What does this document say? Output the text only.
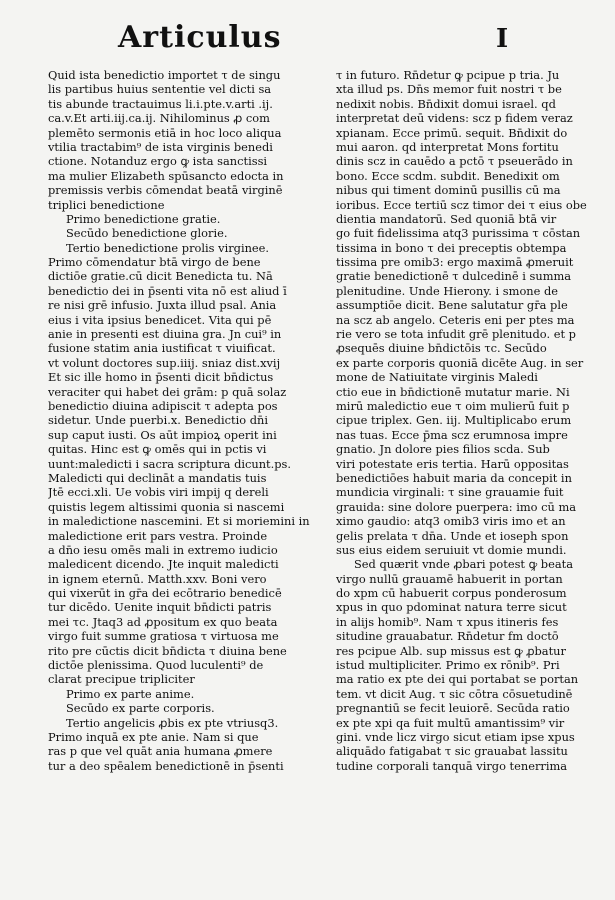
Articulus	I
Quid ista benedictio importet τ de singu
lis partibus huius sententie vel dicti sa
tis abunde tractauimus li.i.pte.v.arti .ij.
ca.v.Et arti.iij.ca.ij. Nihilominus ꝓ com
plemēto sermonis etiā in hoc loco aliqua
vtilia tractabim⁹ de ista virginis benedi
ctione. Notanduz ergo ꝙ ista sanctissi
ma mulier Elizabeth spūsancto edocta in
premissis verbis cōmendat beatā virginē
triplici benedictione
Primo benedictione gratie.
Secūdo benedictione glorie.
Tertio benedictione prolis virginee.
Primo cōmendatur btā virgo de bene
dictiōe gratie.cū dicit Benedicta tu. Nā
benedictio dei in p̄senti vita nō est aliud ī
re nisi grē infusio. Juxta illud psal. Ania
eius i vita ipsius benedicet. Vita qui pē
anie in presenti est diuina gra. Jn cui⁹ in
fusione statim ania iustificat τ viuificat.
vt volunt doctores sup.iiij. sniaz dist.xvij
Et sic ille homo in p̄senti dicit bn̄dictus
veraciter qui habet dei grām: p quā solaz
benedictio diuina adipiscit τ adepta pos
sidetur. Unde puerbi.x. Benedictio dn̄i
sup caput iusti. Os aūt impioꝝ operit ini
quitas. Hinc est ꝙ omēs qui in pctis vi
uunt:maledicti i sacra scriptura dicunt.ps.
Maledicti qui declināt a mandatis tuis
Jtē ecci.xli. Ue vobis viri impij q dereli
quistis legem altissimi quonia si nascemi
in maledictione nascemini. Et si moriemini in
maledictione erit pars vestra. Proinde
a dn̄o iesu omēs mali in extremo iudicio
maledicent dicendo. Jte inquit maledicti
in ignem eternū. Matth.xxv. Boni vero
qui vixerūt in gr̄a dei ecōtrario benedicē
tur dicēdo. Uenite inquit bn̄dicti patris
mei τc. Jtaq3 ad ꝓpositum ex quo beata
virgo fuit summe gratiosa τ virtuosa me
rito pre cūctis dicit bn̄dicta τ diuina bene
dictōe plenissima. Quod luculenti⁹ de
clarat precipue tripliciter
Primo ex parte anime.
Secūdo ex parte corporis.
Tertio angelicis ꝓbis ex pte vtriusq3.
Primo inquā ex pte anie. Nam si que
ras p que vel quāt ania humana ꝓmere
tur a deo spēalem benedictionē in p̄senti
τ in futuro. Rn̄detur ꝙ pcipue p tria. Ju
xta illud ps. Dn̄s memor fuit nostri τ be
nedixit nobis. Bn̄dixit domui israel. qd
interpretat deū videns: scz p fidem veraz
xpianam. Ecce primū. sequit. Bn̄dixit do
mui aaron. qd interpretat Mons fortitu
dinis scz in cauēdo a pctō τ pseuerādo in
bono. Ecce scdm. subdit. Benedixit om
nibus qui timent dominū pusillis cū ma
ioribus. Ecce tertiū scz timor dei τ eius obe
dientia mandatorū. Sed quoniā btā vir
go fuit fidelissima atq3 purissima τ cōstan
tissima in bono τ dei preceptis obtempa
tissima pre omib3: ergo maximā ꝓmeruit
gratie benedictionē τ dulcedinē i summa
plenitudine. Unde Hierony. i smone de
assumptiōe dicit. Bene salutatur gr̄a ple
na scz ab angelo. Ceteris eni per ptes ma
rie vero se tota infudit grē plenitudo. et p
ꝓsequēs diuine bn̄dictōis τc. Secūdo
ex parte corporis quoniā dicēte Aug. in ser
mone de Natiuitate virginis Maledi
ctio eue in bn̄dictionē mutatur marie. Ni
mirū maledictio eue τ oim mulierū fuit p
cipue triplex. Gen. iij. Multiplicabo erum
nas tuas. Ecce p̄ma scz erumnosa impre
gnatio. Jn dolore pies filios scda. Sub
viri potestate eris tertia. Harū oppositas
benedictiōes habuit maria da concepit in
mundicia virginali: τ sine grauamie fuit
grauida: sine dolore puerpera: imo cū ma
ximo gaudio: atq3 omib3 viris imo et an
gelis prelata τ dn̄a. Unde et ioseph spon
sus eius eidem seruiuit vt domie mundi.
Sed quærit vnde ꝓbari potest ꝙ beata
virgo nullū grauamē habuerit in portan
do xpm cū habuerit corpus ponderosum
xpus in quo pdominat natura terre sicut
in alijs homib⁹. Nam τ xpus itineris fes
situdine grauabatur. Rn̄detur fm doctō
res pcipue Alb. sup missus est ꝙ ꝓbatur
istud multipliciter. Primo ex rōnib⁹. Pri
ma ratio ex pte dei qui portabat se portan
tem. vt dicit Aug. τ sic cōtra cōsuetudinē
pregnantiū se fecit leuiorē. Secūda ratio
ex pte xpi qa fuit multū amantissim⁹ vir
gini. vnde licz virgo sicut etiam ipse xpus
aliquādo fatigabat τ sic grauabat lassitu
tudine corporali tanquā virgo tenerrima
